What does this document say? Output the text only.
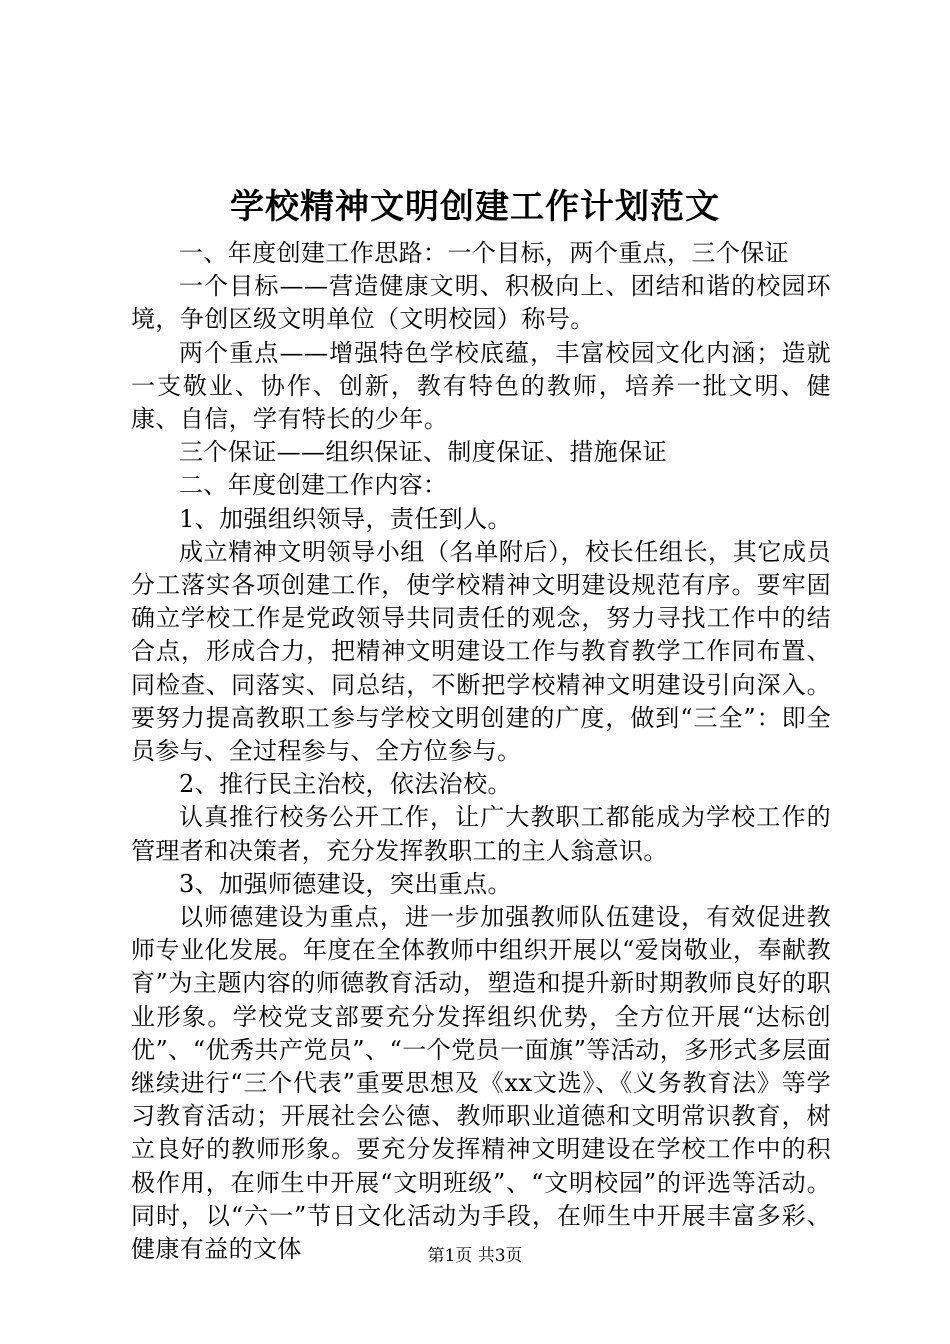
学校精神文明创建工作计划范文

一、年度创建工作思路：一个目标，两个重点，三个保证

一个目标——营造健康文明、积极向上、团结和谐的校园环境，争创区级文明单位（文明校园）称号。

两个重点——增强特色学校底蕴，丰富校园文化内涵；造就一支敬业、协作、创新，教有特色的教师，培养一批文明、健康、自信，学有特长的少年。

三个保证——组织保证、制度保证、措施保证

二、年度创建工作内容：

1、加强组织领导，责任到人。

成立精神文明领导小组（名单附后），校长任组长，其它成员分工落实各项创建工作，使学校精神文明建设规范有序。要牢固确立学校工作是党政领导共同责任的观念，努力寻找工作中的结合点，形成合力，把精神文明建设工作与教育教学工作同布置、同检查、同落实、同总结，不断把学校精神文明建设引向深入。要努力提高教职工参与学校文明创建的广度，做到“三全”：即全员参与、全过程参与、全方位参与。

2、推行民主治校，依法治校。

认真推行校务公开工作，让广大教职工都能成为学校工作的管理者和决策者，充分发挥教职工的主人翁意识。

3、加强师德建设，突出重点。

以师德建设为重点，进一步加强教师队伍建设，有效促进教师专业化发展。年度在全体教师中组织开展以“爱岗敬业，奉献教育”为主题内容的师德教育活动，塑造和提升新时期教师良好的职业形象。学校党支部要充分发挥组织优势，全方位开展“达标创优”、“优秀共产党员”、“一个党员一面旗”等活动，多形式多层面继续进行“三个代表”重要思想及《xx文选》、《义务教育法》等学习教育活动；开展社会公德、教师职业道德和文明常识教育，树立良好的教师形象。要充分发挥精神文明建设在学校工作中的积极作用，在师生中开展“文明班级”、“文明校园”的评选等活动。同时，以“六一”节日文化活动为手段，在师生中开展丰富多彩、健康有益的文体	第1页 共3页
